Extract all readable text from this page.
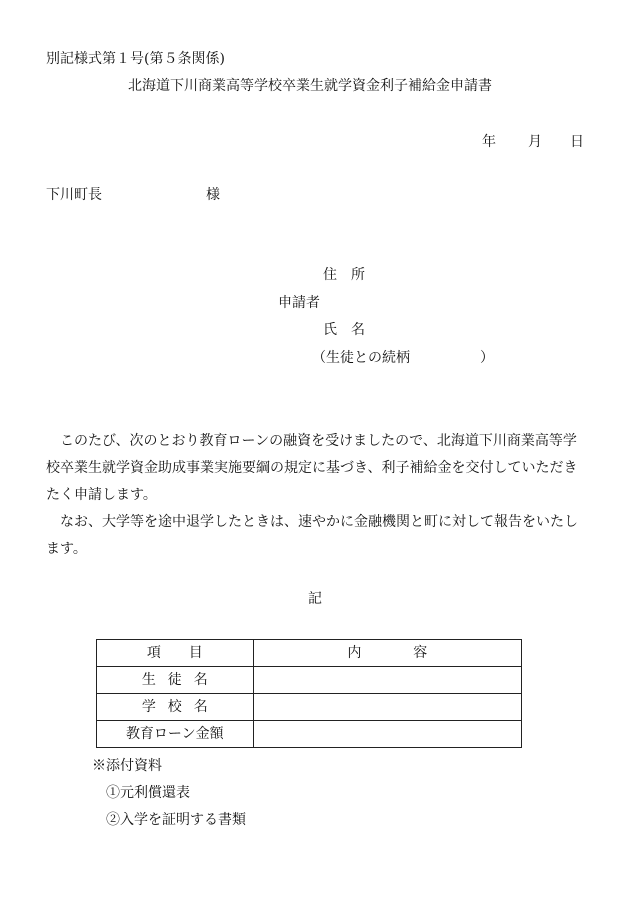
別記様式第１号(第５条関係)
北海道下川商業高等学校卒業生就学資金利子補給金申請書
年 月 日
下川町長	様
住所
申請者
氏名
（生徒との続柄	）

このたび、次のとおり教育ローンの融資を受けましたので、北海道下川商業高等学校卒業生就学資金助成事業実施要綱の規定に基づき、利子補給金を交付していただきたく申請します。

なお、大学等を途中退学したときは、速やかに金融機関と町に対して報告をいたします。

記
項目	内容
生徒名	
学校名	
教育ローン金額	
※添付資料
①元利償還表
②入学を証明する書類
